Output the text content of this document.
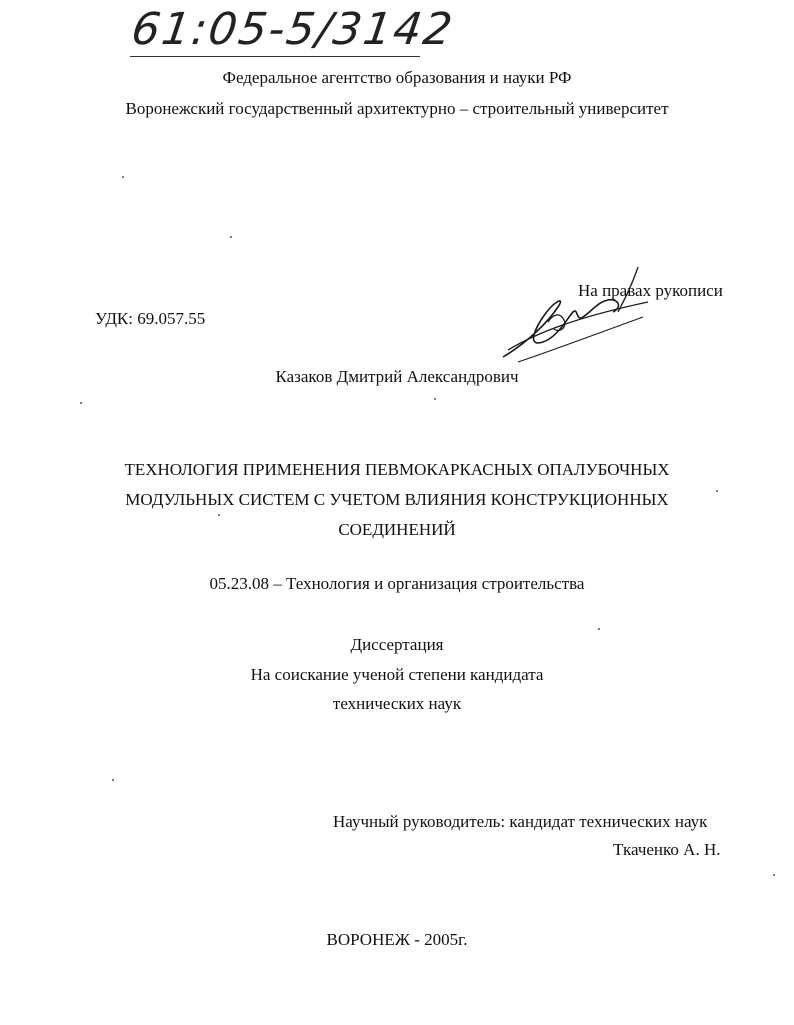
61:05-5/3142
Федеральное агентство образования и науки РФ
Воронежский государственный архитектурно – строительный университет
На правах рукописи
УДК: 69.057.55
Казаков Дмитрий Александрович
ТЕХНОЛОГИЯ ПРИМЕНЕНИЯ ПЕВМОКАРКАСНЫХ ОПАЛУБОЧНЫХ
МОДУЛЬНЫХ СИСТЕМ С УЧЕТОМ ВЛИЯНИЯ КОНСТРУКЦИОННЫХ
СОЕДИНЕНИЙ
05.23.08 – Технология и организация строительства
Диссертация
На соискание ученой степени кандидата
технических наук
Научный руководитель: кандидат технических наук
Ткаченко А. Н.
ВОРОНЕЖ - 2005г.
